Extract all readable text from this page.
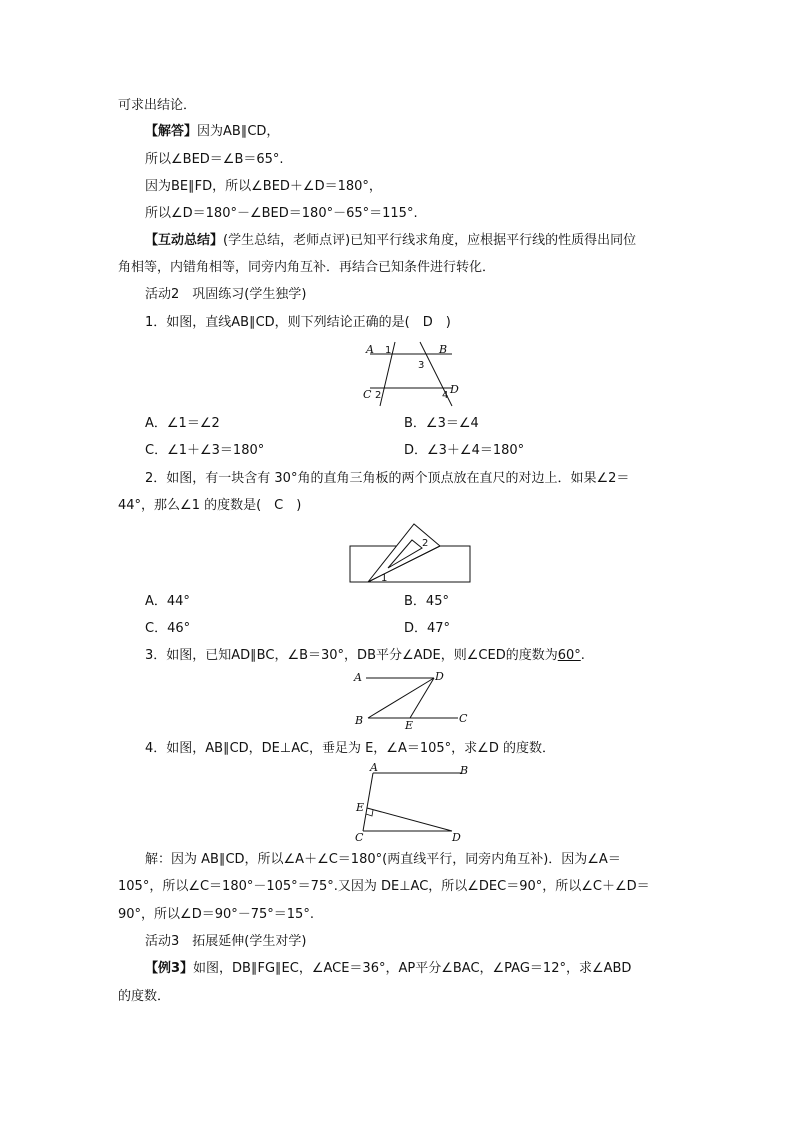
可求出结论．
【解答】因为AB∥CD，
所以∠BED＝∠B＝65°.
因为BE∥FD，所以∠BED＋∠D＝180°，
所以∠D＝180°－∠BED＝180°－65°＝115°.
【互动总结】(学生总结，老师点评)已知平行线求角度，应根据平行线的性质得出同位
角相等，内错角相等，同旁内角互补．再结合已知条件进行转化．
活动2　巩固练习(学生独学)
1．如图，直线AB∥CD，则下列结论正确的是(　D　)
A	B
C	D
1
2
3
4
A．∠1＝∠2	B．∠3＝∠4
C．∠1＋∠3＝180°	D．∠3＋∠4＝180°
2．如图，有一块含有 30°角的直角三角板的两个顶点放在直尺的对边上．如果∠2＝
44°，那么∠1 的度数是(　C　)
2
1
A．44°	B．45°
C．46°	D．47°
3．如图，已知AD∥BC，∠B＝30°，DB平分∠ADE，则∠CED的度数为60°.
A	D
B	E
C
4．如图，AB∥CD，DE⊥AC，垂足为 E，∠A＝105°，求∠D 的度数．
A	B
E
C	D
解：因为 AB∥CD，所以∠A＋∠C＝180°(两直线平行，同旁内角互补)．因为∠A＝
105°，所以∠C＝180°－105°＝75°.又因为 DE⊥AC，所以∠DEC＝90°，所以∠C＋∠D＝
90°，所以∠D＝90°－75°＝15°.
活动3　拓展延伸(学生对学)
【例3】如图，DB∥FG∥EC，∠ACE＝36°，AP平分∠BAC，∠PAG＝12°，求∠ABD
的度数．
